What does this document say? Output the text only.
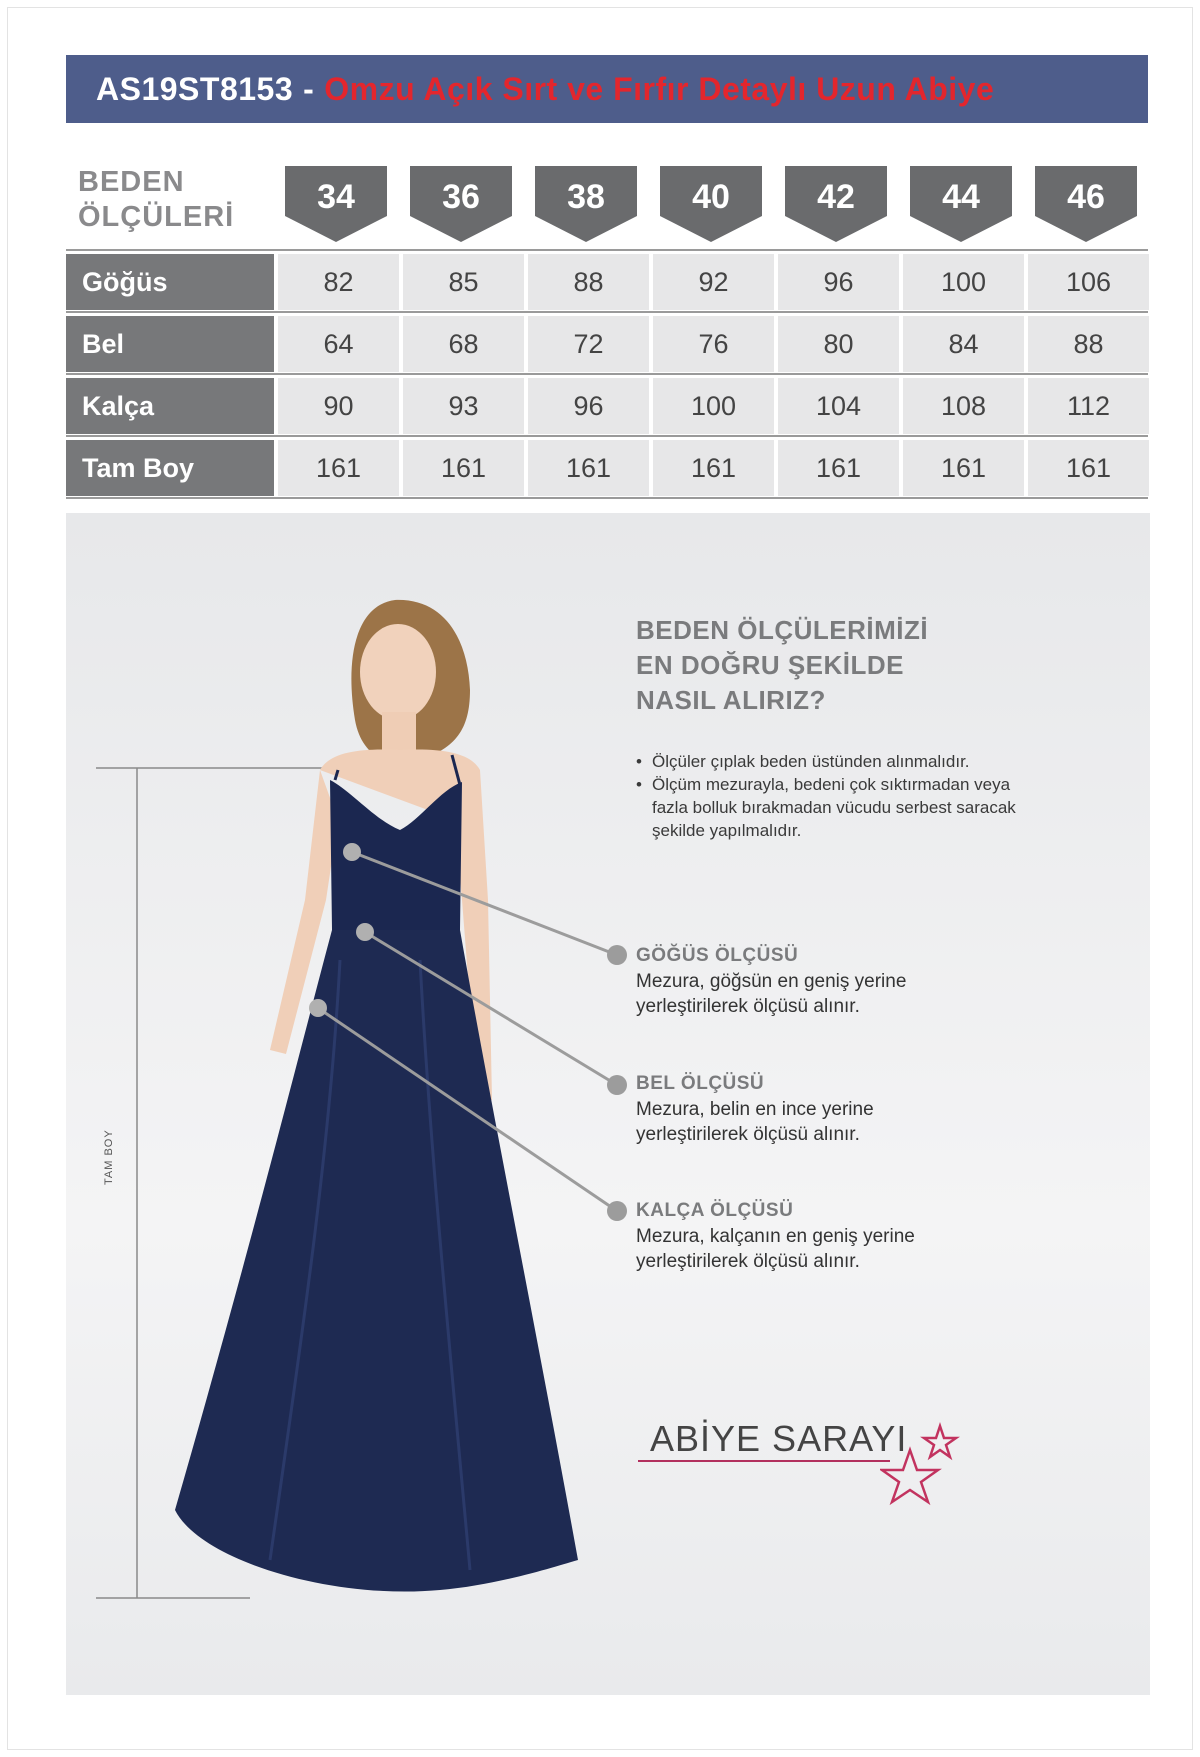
AS19ST8153 - Omzu Açık Sırt ve Fırfır Detaylı Uzun Abiye
BEDEN
ÖLÇÜLERİ
34	36	38	40	42	44	46
Göğüs	82	85	88	92	96	100	106
Bel	64	68	72	76	80	84	88
Kalça	90	93	96	100	104	108	112
Tam Boy	161	161	161	161	161	161	161
TAM BOY
BEDEN ÖLÇÜLERİMİZİ
EN DOĞRU ŞEKİLDE
NASIL ALIRIZ?
• Ölçüler çıplak beden üstünden alınmalıdır.
• Ölçüm mezurayla, bedeni çok sıktırmadan veya
fazla bolluk bırakmadan vücudu serbest saracak
şekilde yapılmalıdır.
GÖĞÜS ÖLÇÜSÜ
Mezura, göğsün en geniş yerine
yerleştirilerek ölçüsü alınır.
BEL ÖLÇÜSÜ
Mezura, belin en ince yerine
yerleştirilerek ölçüsü alınır.
KALÇA ÖLÇÜSÜ
Mezura, kalçanın en geniş yerine
yerleştirilerek ölçüsü alınır.
ABİYE SARAYI
